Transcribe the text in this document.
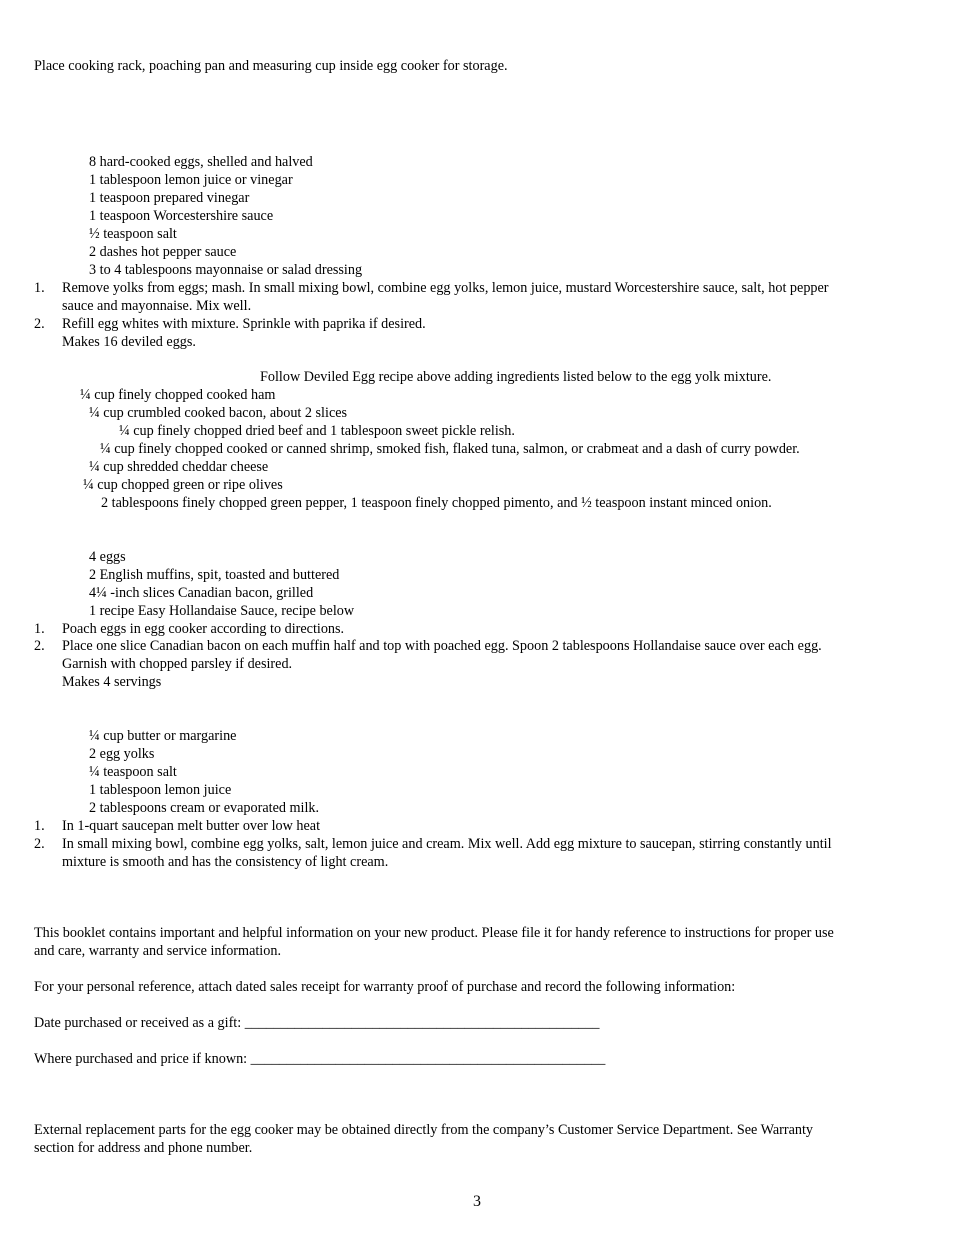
Place cooking rack, poaching pan and measuring cup inside egg cooker for storage.
8 hard-cooked eggs, shelled and halved
1 tablespoon lemon juice or vinegar
1 teaspoon prepared vinegar
1 teaspoon Worcestershire sauce
½ teaspoon salt
2 dashes hot pepper sauce
3 to 4 tablespoons mayonnaise or salad dressing
1. Remove yolks from eggs; mash. In small mixing bowl, combine egg yolks, lemon juice, mustard Worcestershire sauce, salt, hot pepper
sauce and mayonnaise. Mix well.
2. Refill egg whites with mixture. Sprinkle with paprika if desired.
Makes 16 deviled eggs.
Follow Deviled Egg recipe above adding ingredients listed below to the egg yolk mixture.
¼ cup finely chopped cooked ham
¼ cup crumbled cooked bacon, about 2 slices
¼ cup finely chopped dried beef and 1 tablespoon sweet pickle relish.
¼ cup finely chopped cooked or canned shrimp, smoked fish, flaked tuna, salmon, or crabmeat and a dash of curry powder.
¼ cup shredded cheddar cheese
¼ cup chopped green or ripe olives
2 tablespoons finely chopped green pepper, 1 teaspoon finely chopped pimento, and ½ teaspoon instant minced onion.
4 eggs
2 English muffins, spit, toasted and buttered
4¼ -inch slices Canadian bacon, grilled
1 recipe Easy Hollandaise Sauce, recipe below
1. Poach eggs in egg cooker according to directions.
2. Place one slice Canadian bacon on each muffin half and top with poached egg. Spoon 2 tablespoons Hollandaise sauce over each egg.
Garnish with chopped parsley if desired.
Makes 4 servings
¼ cup butter or margarine
2 egg yolks
¼ teaspoon salt
1 tablespoon lemon juice
2 tablespoons cream or evaporated milk.
1. In 1-quart saucepan melt butter over low heat
2. In small mixing bowl, combine egg yolks, salt, lemon juice and cream. Mix well. Add egg mixture to saucepan, stirring constantly until
mixture is smooth and has the consistency of light cream.
This booklet contains important and helpful information on your new product. Please file it for handy reference to instructions for proper use
and care, warranty and service information.
For your personal reference, attach dated sales receipt for warranty proof of purchase and record the following information:
Date purchased or received as a gift: __________________________________________________
Where purchased and price if known: __________________________________________________
External replacement parts for the egg cooker may be obtained directly from the company’s Customer Service Department. See Warranty
section for address and phone number.
3
